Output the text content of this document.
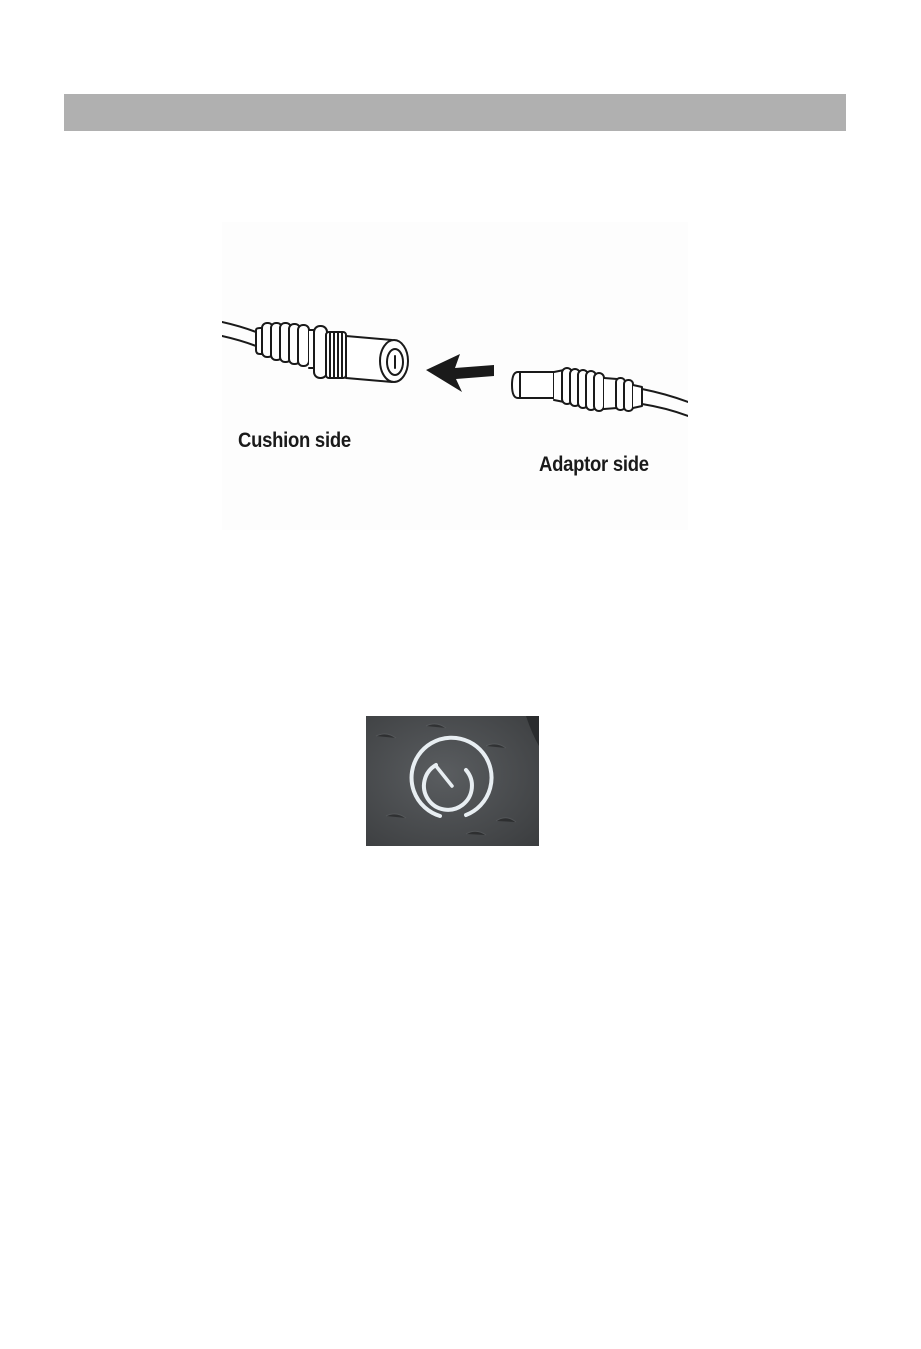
Cushion side
Adaptor side
